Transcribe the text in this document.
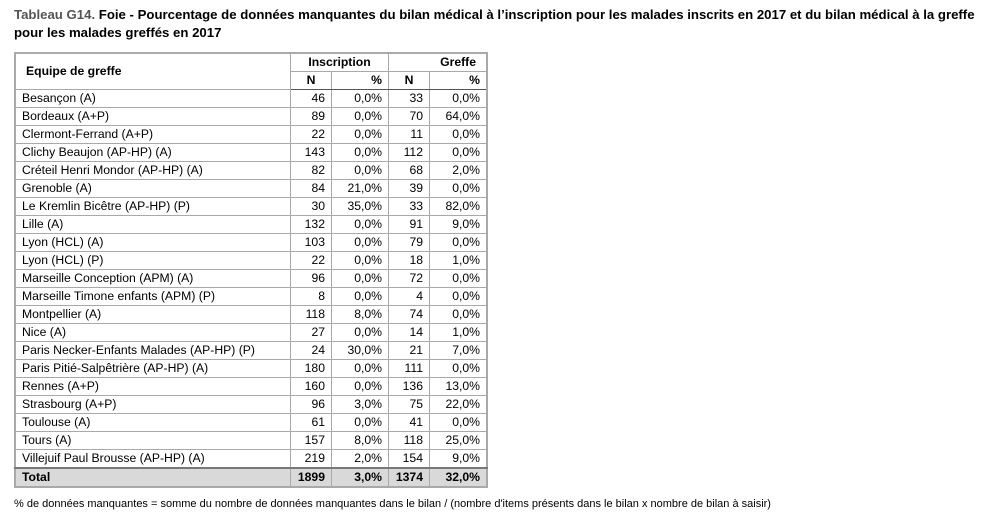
Tableau G14. Foie - Pourcentage de données manquantes du bilan médical à l’inscription pour les malades inscrits en 2017 et du bilan médical à la greffe pour les malades greffés en 2017
Equipe de greffe	Inscription		Greffe	
	N	%	N	%
Besançon (A)	46	0,0%	33	0,0%
Bordeaux (A+P)	89	0,0%	70	64,0%
Clermont-Ferrand (A+P)	22	0,0%	11	0,0%
Clichy Beaujon (AP-HP) (A)	143	0,0%	112	0,0%
Créteil Henri Mondor (AP-HP) (A)	82	0,0%	68	2,0%
Grenoble (A)	84	21,0%	39	0,0%
Le Kremlin Bicêtre (AP-HP) (P)	30	35,0%	33	82,0%
Lille (A)	132	0,0%	91	9,0%
Lyon (HCL) (A)	103	0,0%	79	0,0%
Lyon (HCL) (P)	22	0,0%	18	1,0%
Marseille Conception (APM) (A)	96	0,0%	72	0,0%
Marseille Timone enfants (APM) (P)	8	0,0%	4	0,0%
Montpellier (A)	118	8,0%	74	0,0%
Nice (A)	27	0,0%	14	1,0%
Paris Necker-Enfants Malades (AP-HP) (P)	24	30,0%	21	7,0%
Paris Pitié-Salpêtrière (AP-HP) (A)	180	0,0%	111	0,0%
Rennes (A+P)	160	0,0%	136	13,0%
Strasbourg (A+P)	96	3,0%	75	22,0%
Toulouse (A)	61	0,0%	41	0,0%
Tours (A)	157	8,0%	118	25,0%
Villejuif Paul Brousse (AP-HP) (A)	219	2,0%	154	9,0%
Total	1899	3,0%	1374	32,0%
% de données manquantes = somme du nombre de données manquantes dans le bilan / (nombre d'items présents dans le bilan x nombre de bilan à saisir)
